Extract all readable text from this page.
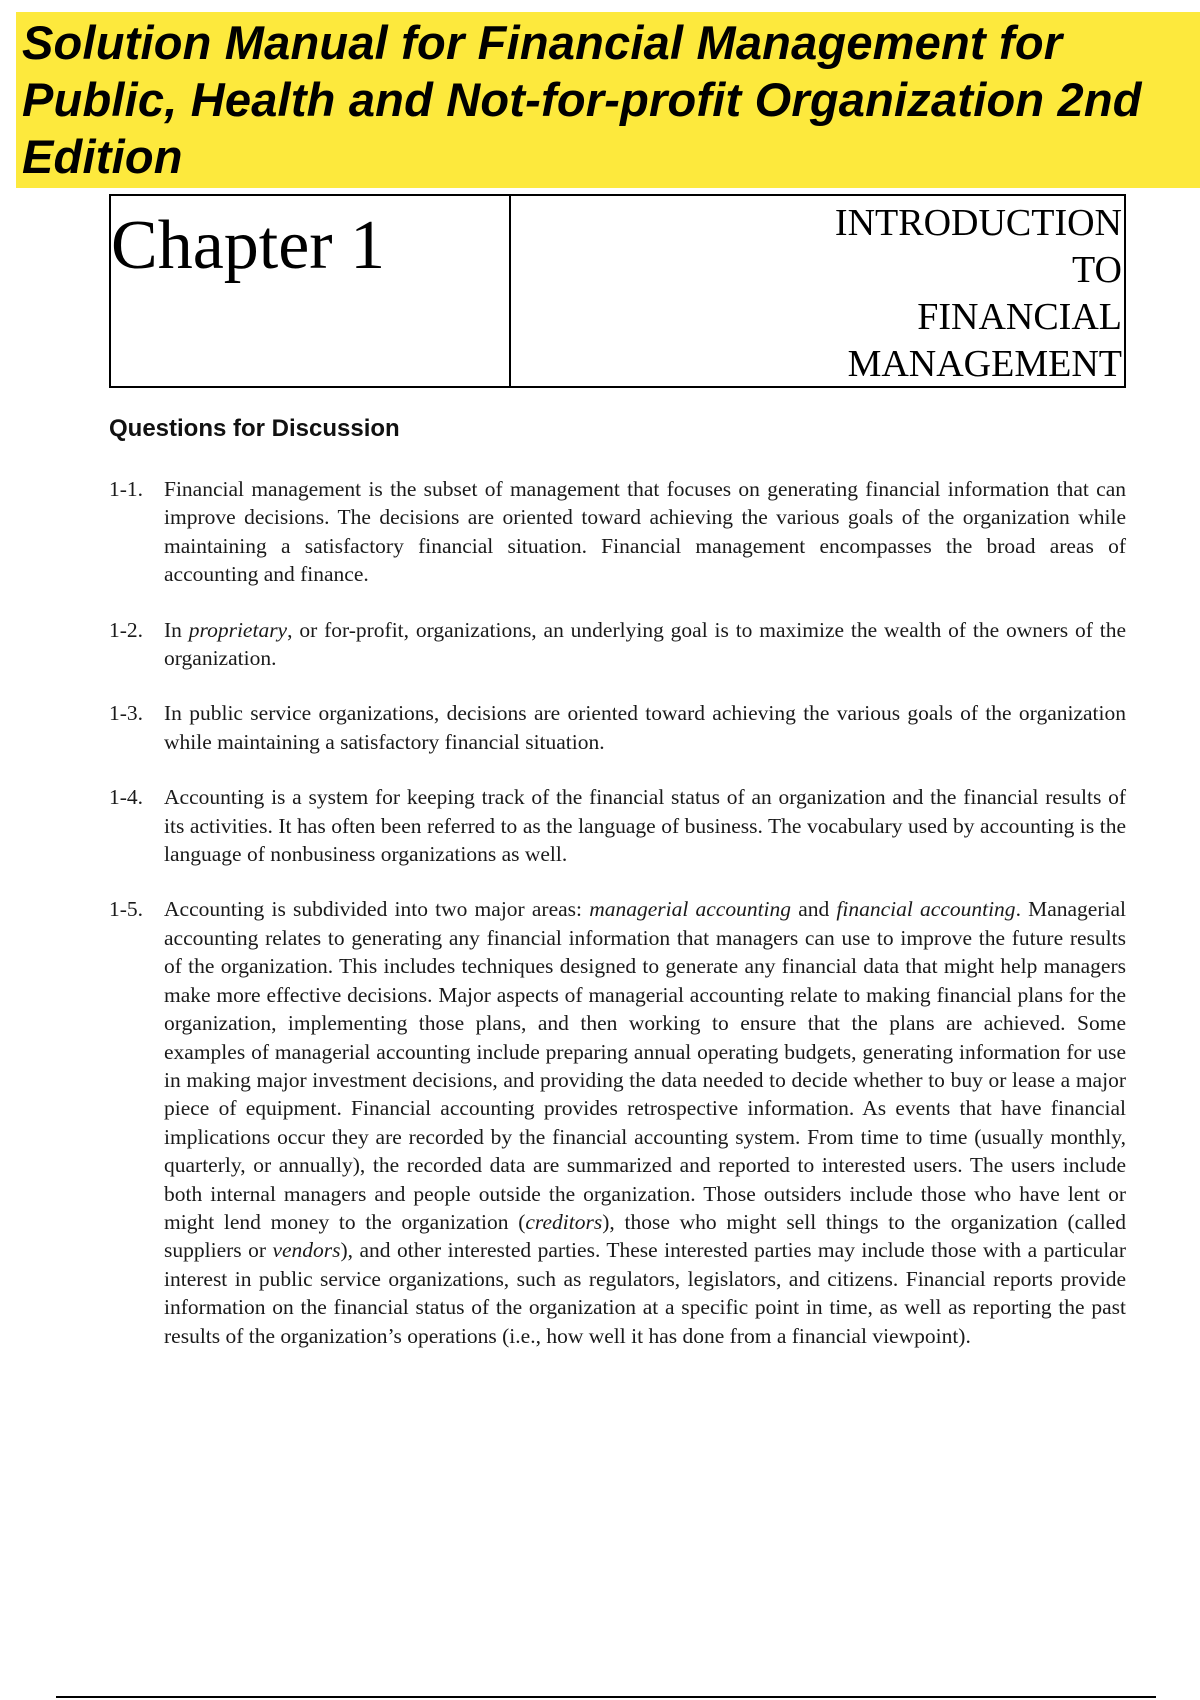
Solution Manual for Financial Management for Public, Health and Not-for-profit Organization 2nd Edition
Chapter 1	INTRODUCTION
TO
FINANCIAL
MANAGEMENT
Questions for Discussion
1-1. Financial management is the subset of management that focuses on generating financial information that can improve decisions. The decisions are oriented toward achieving the various goals of the organization while maintaining a satisfactory financial situation. Financial management encompasses the broad areas of accounting and finance.
1-2. In proprietary, or for-profit, organizations, an underlying goal is to maximize the wealth of the owners of the organization.
1-3. In public service organizations, decisions are oriented toward achieving the various goals of the organization while maintaining a satisfactory financial situation.
1-4. Accounting is a system for keeping track of the financial status of an organization and the financial results of its activities. It has often been referred to as the language of business. The vocabulary used by accounting is the language of nonbusiness organizations as well.
1-5. Accounting is subdivided into two major areas: managerial accounting and financial accounting. Managerial accounting relates to generating any financial information that managers can use to improve the future results of the organization. This includes techniques designed to generate any financial data that might help managers make more effective decisions. Major aspects of managerial accounting relate to making financial plans for the organization, implementing those plans, and then working to ensure that the plans are achieved. Some examples of managerial accounting include preparing annual operating budgets, generating information for use in making major investment decisions, and providing the data needed to decide whether to buy or lease a major piece of equipment. Financial accounting provides retrospective information. As events that have financial implications occur they are recorded by the financial accounting system. From time to time (usually monthly, quarterly, or annually), the recorded data are summarized and reported to interested users. The users include both internal managers and people outside the organization. Those outsiders include those who have lent or might lend money to the organization (creditors), those who might sell things to the organization (called suppliers or vendors), and other interested parties. These interested parties may include those with a particular interest in public service organizations, such as regulators, legislators, and citizens. Financial reports provide information on the financial status of the organization at a specific point in time, as well as reporting the past results of the organization’s operations (i.e., how well it has done from a financial viewpoint).
